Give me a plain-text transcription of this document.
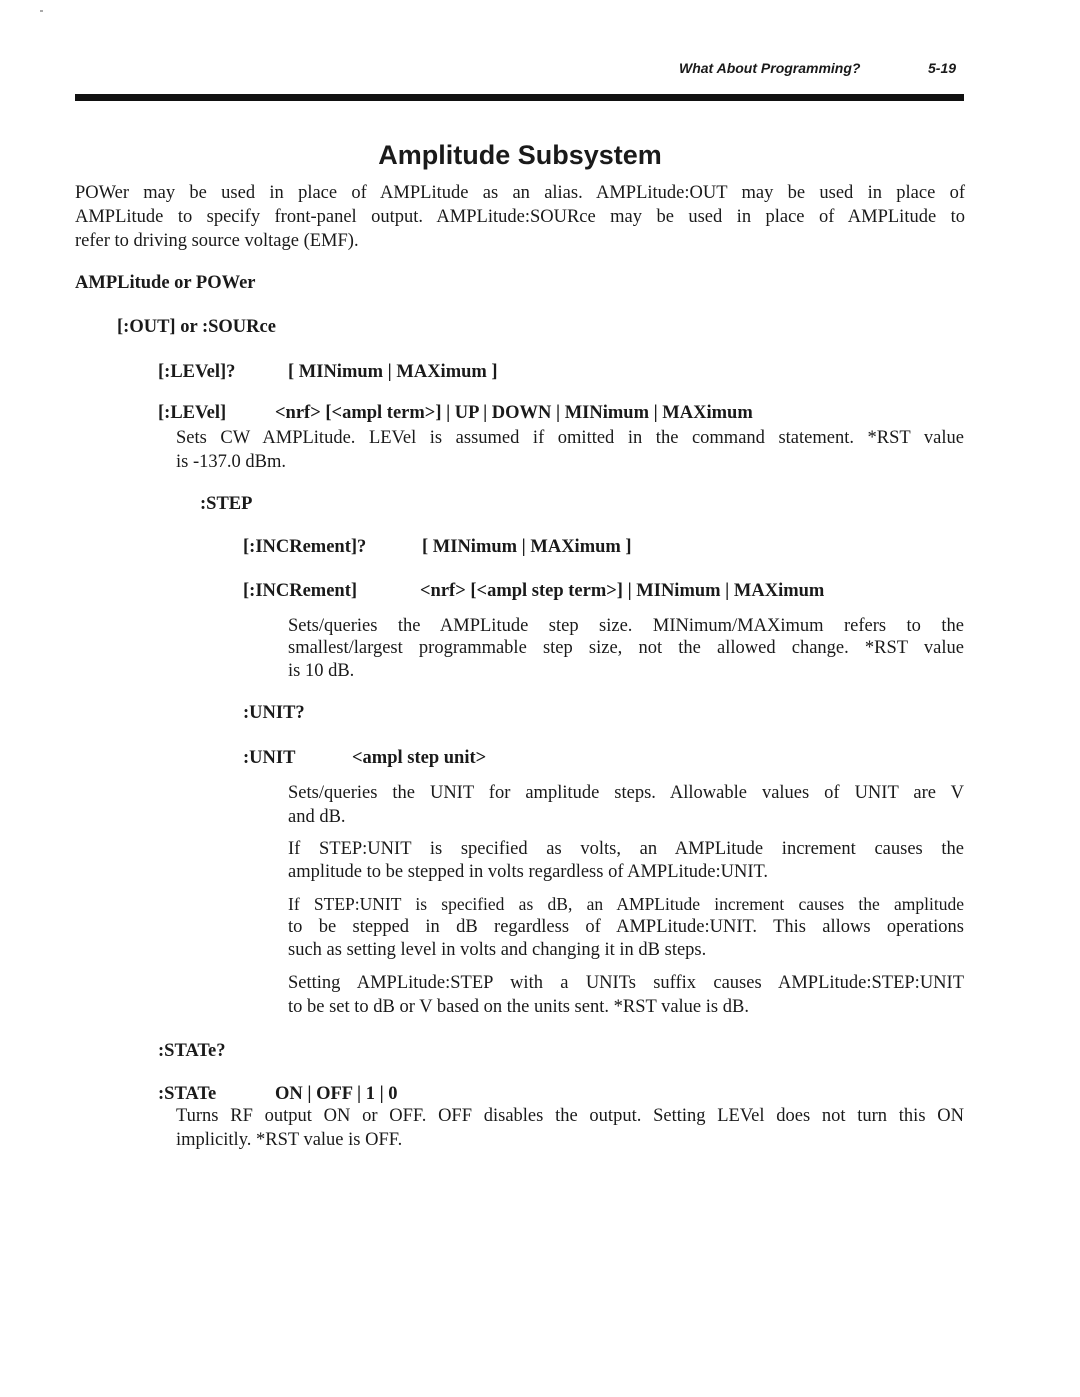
What About Programming?	5-19
Amplitude Subsystem
POWer may be used in place of AMPLitude as an alias. AMPLitude:OUT may be used in place of
AMPLitude to specify front-panel output. AMPLitude:SOURce may be used in place of AMPLitude to
refer to driving source voltage (EMF).
AMPLitude or POWer
[:OUT] or :SOURce
[:LEVel]?	[ MINimum | MAXimum ]
[:LEVel]	<nrf> [<ampl term>] | UP | DOWN | MINimum | MAXimum
Sets CW AMPLitude. LEVel is assumed if omitted in the command statement. *RST value
is -137.0 dBm.
:STEP
[:INCRement]?	[ MINimum | MAXimum ]
[:INCRement]	<nrf> [<ampl step term>] | MINimum | MAXimum
Sets/queries the AMPLitude step size. MINimum/MAXimum refers to the
smallest/largest programmable step size, not the allowed change. *RST value
is 10 dB.
:UNIT?
:UNIT	<ampl step unit>
Sets/queries the UNIT for amplitude steps. Allowable values of UNIT are V
and dB.
If STEP:UNIT is specified as volts, an AMPLitude increment causes the
amplitude to be stepped in volts regardless of AMPLitude:UNIT.
If STEP:UNIT is specified as dB, an AMPLitude increment causes the amplitude
to be stepped in dB regardless of AMPLitude:UNIT. This allows operations
such as setting level in volts and changing it in dB steps.
Setting AMPLitude:STEP with a UNITs suffix causes AMPLitude:STEP:UNIT
to be set to dB or V based on the units sent. *RST value is dB.
:STATe?
:STATe	ON | OFF | 1 | 0
Turns RF output ON or OFF. OFF disables the output. Setting LEVel does not turn this ON
implicitly. *RST value is OFF.
